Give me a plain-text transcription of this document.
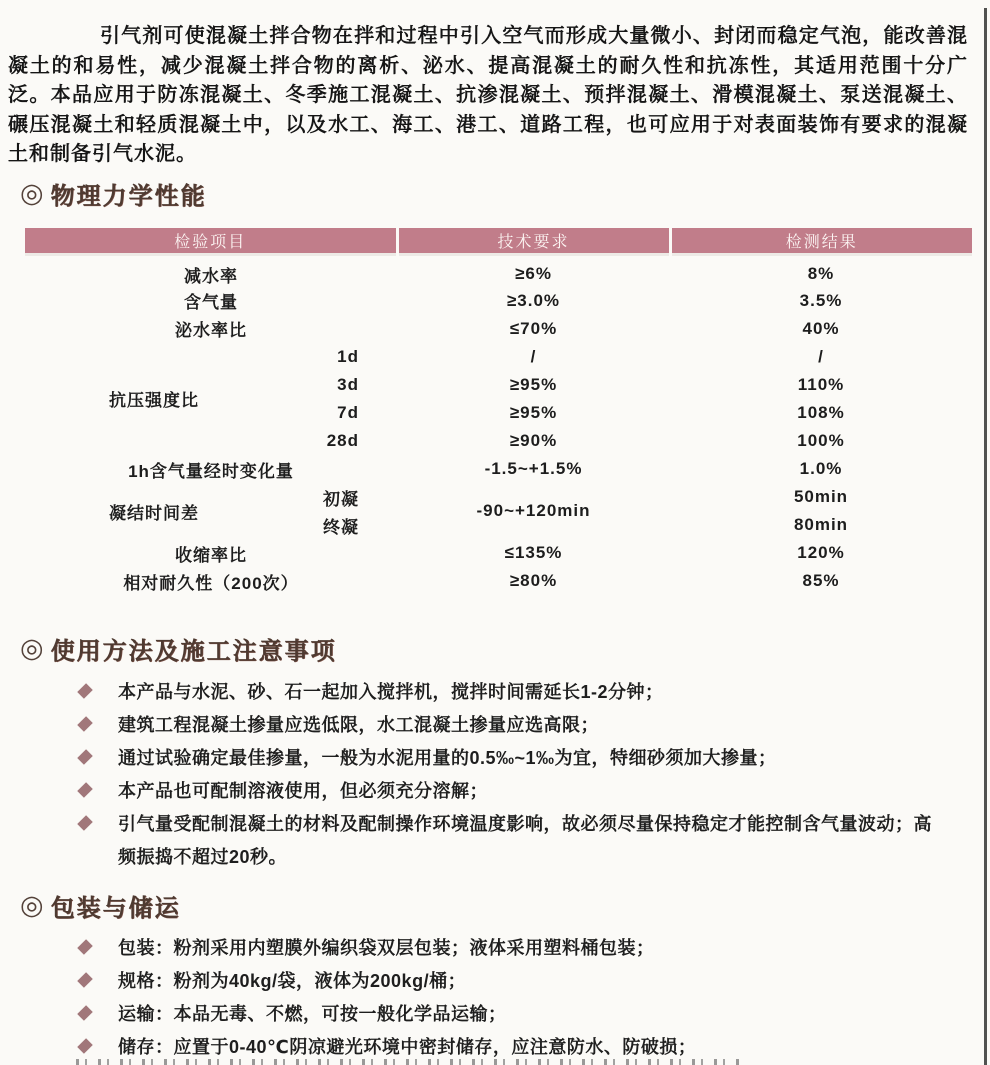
引气剂可使混凝土拌合物在拌和过程中引入空气而形成大量微小、封闭而稳定气泡，能改善混凝土的和易性，减少混凝土拌合物的离析、泌水、提高混凝土的耐久性和抗冻性，其适用范围十分广泛。本品应用于防冻混凝土、冬季施工混凝土、抗渗混凝土、预拌混凝土、滑模混凝土、泵送混凝土、碾压混凝土和轻质混凝土中，以及水工、海工、港工、道路工程，也可应用于对表面装饰有要求的混凝土和制备引气水泥。

◎ 物理力学性能
检验项目		技术要求	检测结果
减水率		≥6%	8%
含气量		≥3.0%	3.5%
泌水率比		≤70%	40%
抗压强度比	1d	/	/
	3d	≥95%	110%
	7d	≥95%	108%
	28d	≥90%	100%
1h含气量经时变化量		-1.5~+1.5%	1.0%
凝结时间差	初凝	-90~+120min	50min
	终凝		80min
收缩率比		≤135%	120%
相对耐久性（200次）		≥80%	85%
◎ 使用方法及施工注意事项
本产品与水泥、砂、石一起加入搅拌机，搅拌时间需延长1-2分钟；
建筑工程混凝土掺量应选低限，水工混凝土掺量应选高限；
通过试验确定最佳掺量，一般为水泥用量的0.5‰~1‰为宜，特细砂须加大掺量；
本产品也可配制溶液使用，但必须充分溶解；
引气量受配制混凝土的材料及配制操作环境温度影响，故必须尽量保持稳定才能控制含气量波动；高频振捣不超过20秒。
◎ 包装与储运
包装：粉剂采用内塑膜外编织袋双层包装；液体采用塑料桶包装；
规格：粉剂为40kg/袋，液体为200kg/桶；
运输：本品无毒、不燃，可按一般化学品运输；
储存：应置于0-40℃阴凉避光环境中密封储存，应注意防水、防破损；
